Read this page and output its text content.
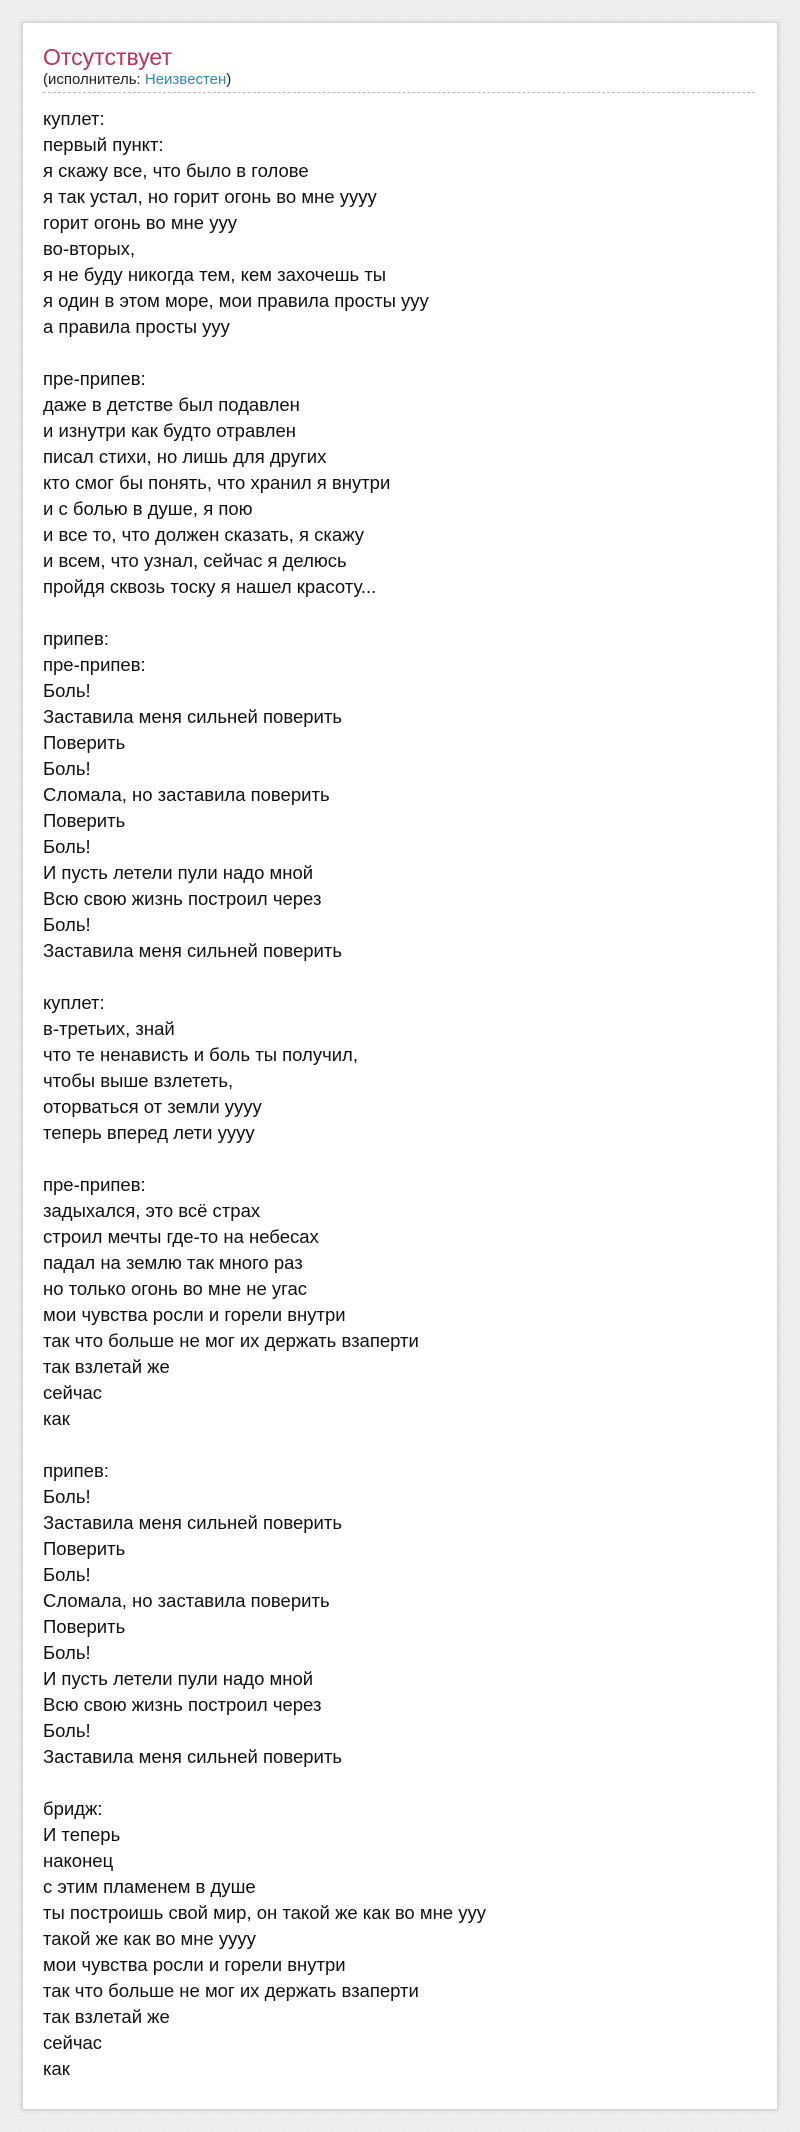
Отсутствует
(исполнитель: Неизвестен)
куплет:
первый пункт:
я скажу все, что было в голове
я так устал, но горит огонь во мне уууу
горит огонь во мне ууу
во-вторых,
я не буду никогда тем, кем захочешь ты
я один в этом море, мои правила просты ууу
а правила просты ууу
пре-припев:
даже в детстве был подавлен
и изнутри как будто отравлен
писал стихи, но лишь для других
кто смог бы понять, что хранил я внутри
и с болью в душе, я пою
и все то, что должен сказать, я скажу
и всем, что узнал, сейчас я делюсь
пройдя сквозь тоску я нашел красоту...
припев:
пре-припев:
Боль!
Заставила меня сильней поверить
Поверить
Боль!
Сломала, но заставила поверить
Поверить
Боль!
И пусть летели пули надо мной
Всю свою жизнь построил через
Боль!
Заставила меня сильней поверить
куплет:
в-третьих, знай
что те ненависть и боль ты получил,
чтобы выше взлететь,
оторваться от земли уууу
теперь вперед лети уууу
пре-припев:
задыхался, это всё страх
строил мечты где-то на небесах
падал на землю так много раз
но только огонь во мне не угас
мои чувства росли и горели внутри
так что больше не мог их держать взаперти
так взлетай же
сейчас
как
припев:
Боль!
Заставила меня сильней поверить
Поверить
Боль!
Сломала, но заставила поверить
Поверить
Боль!
И пусть летели пули надо мной
Всю свою жизнь построил через
Боль!
Заставила меня сильней поверить
бридж:
И теперь
наконец
с этим пламенем в душе
ты построишь свой мир, он такой же как во мне ууу
такой же как во мне уууу
мои чувства росли и горели внутри
так что больше не мог их держать взаперти
так взлетай же
сейчас
как
